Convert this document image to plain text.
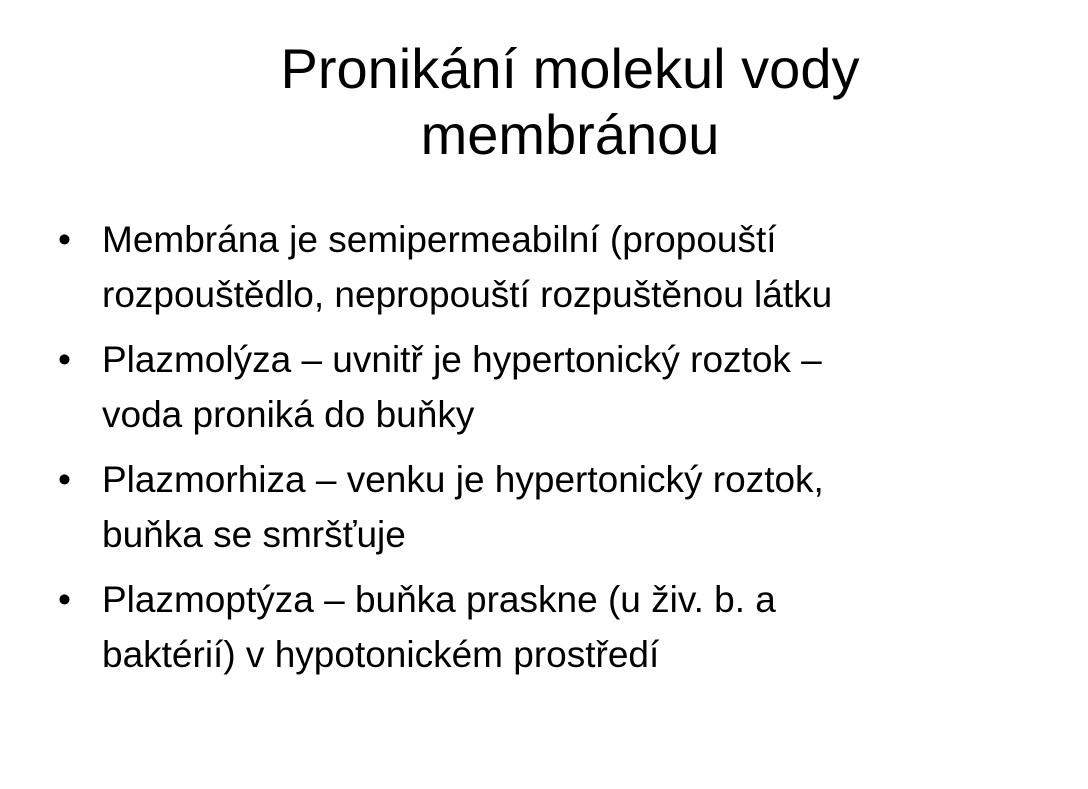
Pronikání molekul vody
membránou
• Membrána je semipermeabilní (propouští
rozpouštědlo, nepropouští rozpuštěnou látku
• Plazmolýza – uvnitř je hypertonický roztok –
voda proniká do buňky
• Plazmorhiza – venku je hypertonický roztok,
buňka se smršťuje
• Plazmoptýza – buňka praskne (u živ. b. a
baktérií) v hypotonickém prostředí
